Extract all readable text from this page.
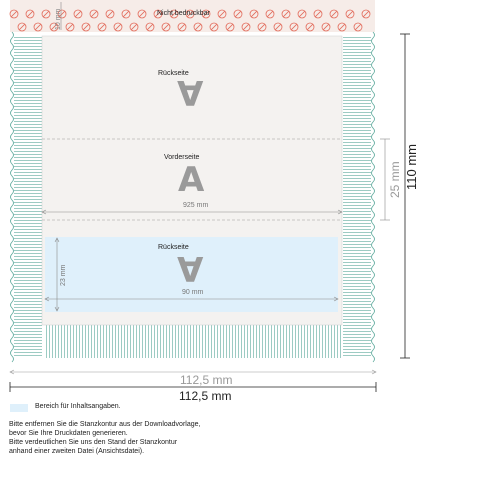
Nicht bedruckbar
10 mm
Rückseite
A
Vorderseite
A
925 mm
Rückseite
A
23 mm
90 mm
25 mm 110 mm
112,5 mm
112,5 mm
Bereich für Inhaltsangaben.
Bitte entfernen Sie die Stanzkontur aus der Downloadvorlage,
bevor Sie Ihre Druckdaten generieren.
Bitte verdeutlichen Sie uns den Stand der Stanzkontur
anhand einer zweiten Datei (Ansichtsdatei).
